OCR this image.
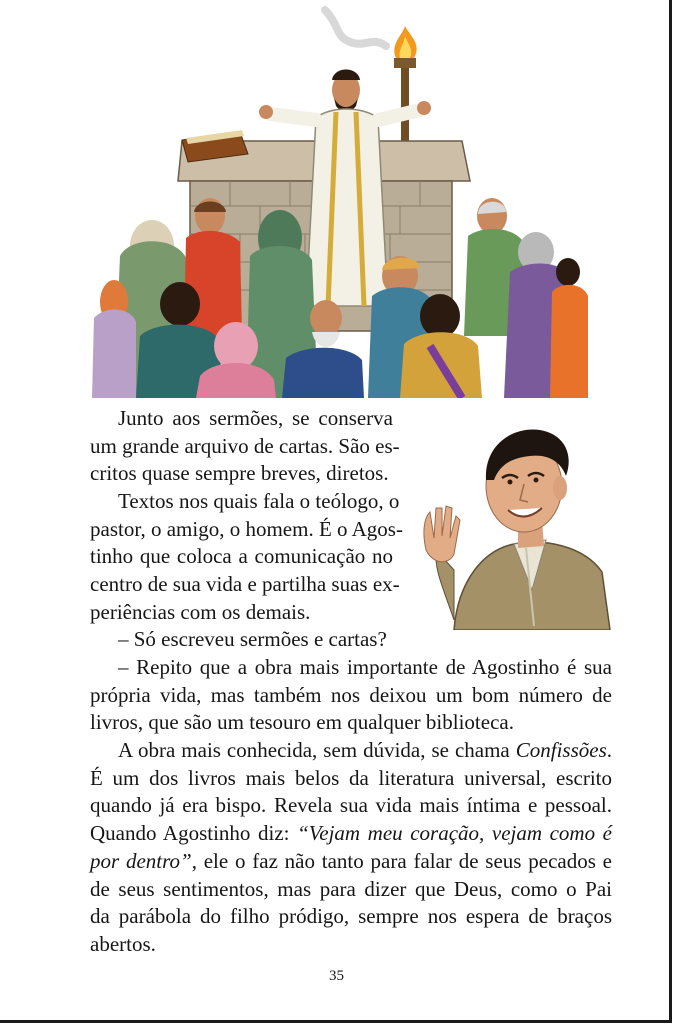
Junto aos sermões, se conserva
um grande arquivo de cartas. São es-
critos quase sempre breves, diretos.
Textos nos quais fala o teólogo, o
pastor, o amigo, o homem. É o Agos-
tinho que coloca a comunicação no
centro de sua vida e partilha suas ex-
periências com os demais.
– Só escreveu sermões e cartas?
– Repito que a obra mais importante de Agostinho é sua
própria vida, mas também nos deixou um bom número de
livros, que são um tesouro em qualquer biblioteca.
A obra mais conhecida, sem dúvida, se chama Confissões.
É um dos livros mais belos da literatura universal, escrito
quando já era bispo. Revela sua vida mais íntima e pessoal.
Quando Agostinho diz: “Vejam meu coração, vejam como é
por dentro”, ele o faz não tanto para falar de seus pecados e
de seus sentimentos, mas para dizer que Deus, como o Pai
da parábola do filho pródigo, sempre nos espera de braços
abertos.
35
